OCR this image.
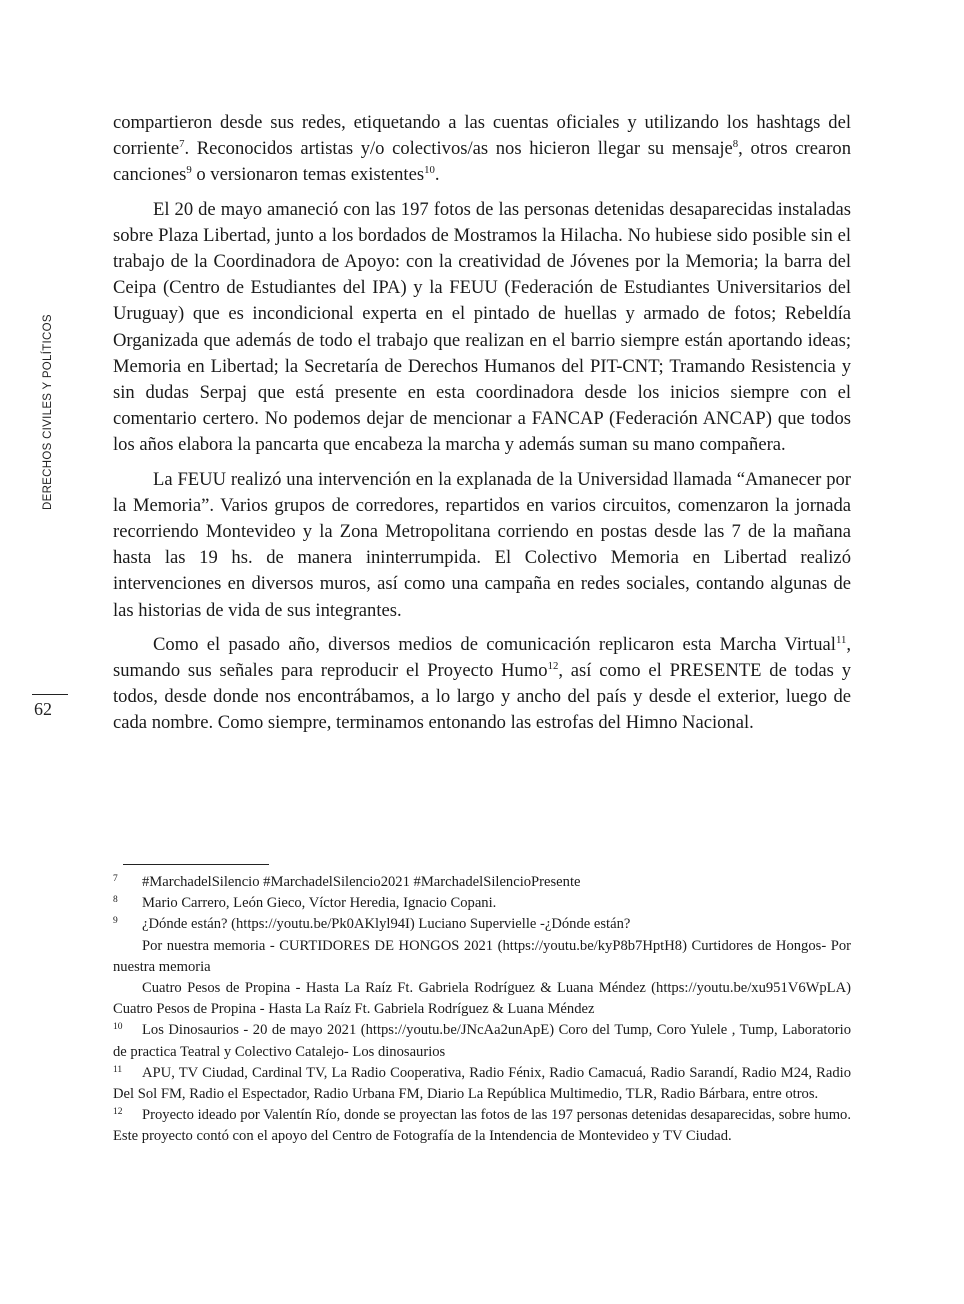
DERECHOS CIVILES Y POLÍTICOS
62

compartieron desde sus redes, etiquetando a las cuentas oficiales y utilizando los hashtags del corriente$^7$. Reconocidos artistas y/o colectivos/as nos hicieron llegar su mensaje$^8$, otros crearon canciones$^9$ o versionaron temas existentes$^{10}$.

El 20 de mayo amaneció con las 197 fotos de las personas detenidas desaparecidas instaladas sobre Plaza Libertad, junto a los bordados de Mostramos la Hilacha. No hubiese sido posible sin el trabajo de la Coordinadora de Apoyo: con la creatividad de Jóvenes por la Memoria; la barra del Ceipa (Centro de Estudiantes del IPA) y la FEUU (Federación de Estudiantes Universitarios del Uruguay) que es incondicional experta en el pintado de huellas y armado de fotos; Rebeldía Organizada que además de todo el trabajo que realizan en el barrio siempre están aportando ideas; Memoria en Libertad; la Secretaría de Derechos Humanos del PIT-CNT; Tramando Resistencia y sin dudas Serpaj que está presente en esta coordinadora desde los inicios siempre con el comentario certero. No podemos dejar de mencionar a FANCAP (Federación ANCAP) que todos los años elabora la pancarta que encabeza la marcha y además suman su mano compañera.

La FEUU realizó una intervención en la explanada de la Universidad llamada “Amanecer por la Memoria”. Varios grupos de corredores, repartidos en varios circuitos, comenzaron la jornada recorriendo Montevideo y la Zona Metropolitana corriendo en postas desde las 7 de la mañana hasta las 19 hs. de manera ininterrumpida. El Colectivo Memoria en Libertad realizó intervenciones en diversos muros, así como una campaña en redes sociales, contando algunas de las historias de vida de sus integrantes.

Como el pasado año, diversos medios de comunicación replicaron esta Marcha Virtual$^{11}$, sumando sus señales para reproducir el Proyecto Humo$^{12}$, así como el PRESENTE de todas y todos, desde donde nos encontrábamos, a lo largo y ancho del país y desde el exterior, luego de cada nombre. Como siempre, terminamos entonando las estrofas del Himno Nacional.

7 #MarchadelSilencio #MarchadelSilencio2021 #MarchadelSilencioPresente
8 Mario Carrero, León Gieco, Víctor Heredia, Ignacio Copani.
9	¿Dónde están? (https://youtu.be/Pk0AKlyl94I) Luciano Supervielle -¿Dónde están?
Por nuestra memoria - CURTIDORES DE HONGOS 2021 (https://youtu.be/kyP8b7HptH8) Curtidores de Hongos- Por nuestra memoria
Cuatro Pesos de Propina - Hasta La Raíz Ft. Gabriela Rodríguez & Luana Méndez (https://youtu.be/xu951V6WpLA) Cuatro Pesos de Propina - Hasta La Raíz Ft. Gabriela Rodríguez & Luana Méndez
10	Los Dinosaurios - 20 de mayo 2021 (https://youtu.be/JNcAa2unApE) Coro del Tump, Coro Yulele , Tump, Laboratorio de practica Teatral y Colectivo Catalejo- Los dinosaurios
11	APU, TV Ciudad, Cardinal TV, La Radio Cooperativa, Radio Fénix, Radio Camacuá, Radio Sarandí, Radio M24, Radio Del Sol FM, Radio el Espectador, Radio Urbana FM, Diario La República Multimedio, TLR, Radio Bárbara, entre otros.
12	Proyecto ideado por Valentín Río, donde se proyectan las fotos de las 197 personas detenidas desaparecidas, sobre humo. Este proyecto contó con el apoyo del Centro de Fotografía de la Intendencia de Montevideo y TV Ciudad.
